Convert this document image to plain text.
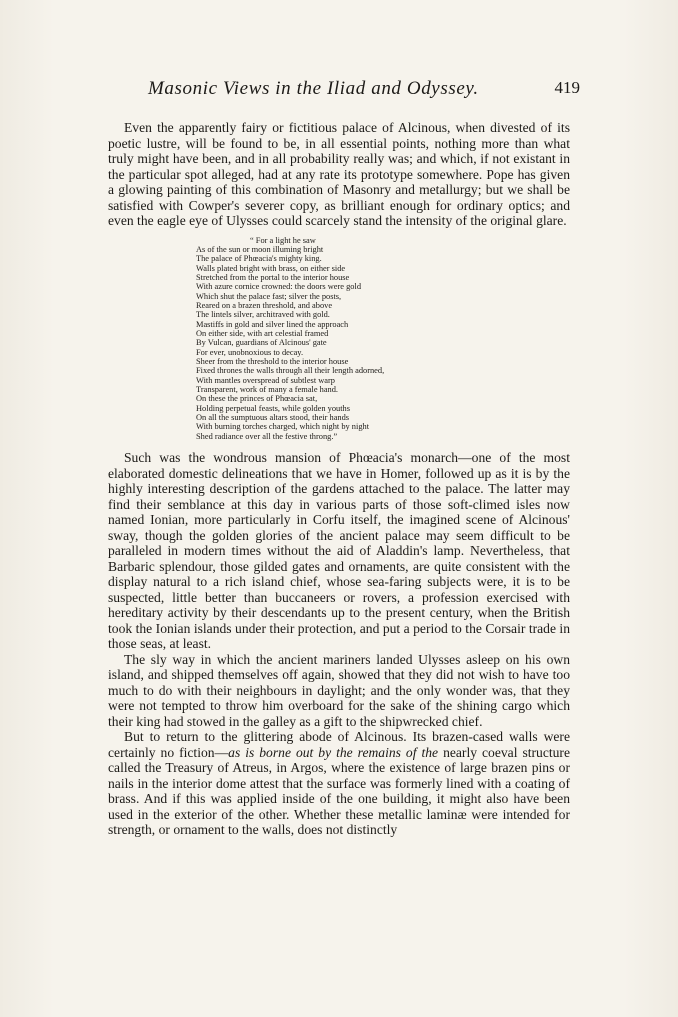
Masonic Views in the Iliad and Odyssey.	419

Even the apparently fairy or fictitious palace of Alcinous, when divested of its poetic lustre, will be found to be, in all essential points, nothing more than what truly might have been, and in all probability really was; and which, if not existant in the particular spot alleged, had at any rate its prototype somewhere. Pope has given a glowing painting of this combination of Masonry and metallurgy; but we shall be satisfied with Cowper's severer copy, as brilliant enough for ordinary optics; and even the eagle eye of Ulysses could scarcely stand the intensity of the original glare.

“ For a light he saw
As of the sun or moon illuming bright
The palace of Phœacia's mighty king.
Walls plated bright with brass, on either side
Stretched from the portal to the interior house
With azure cornice crowned: the doors were gold
Which shut the palace fast; silver the posts,
Reared on a brazen threshold, and above
The lintels silver, architraved with gold.
Mastiffs in gold and silver lined the approach
On either side, with art celestial framed
By Vulcan, guardians of Alcinous' gate
For ever, unobnoxious to decay.
Sheer from the threshold to the interior house
Fixed thrones the walls through all their length adorned,
With mantles overspread of subtlest warp
Transparent, work of many a female hand.
On these the princes of Phœacia sat,
Holding perpetual feasts, while golden youths
On all the sumptuous altars stood, their hands
With burning torches charged, which night by night
Shed radiance over all the festive throng.”

Such was the wondrous mansion of Phœacia's monarch—one of the most elaborated domestic delineations that we have in Homer, followed up as it is by the highly interesting description of the gardens attached to the palace. The latter may find their semblance at this day in various parts of those soft-climed isles now named Ionian, more particularly in Corfu itself, the imagined scene of Alcinous' sway, though the golden glories of the ancient palace may seem difficult to be paralleled in modern times without the aid of Aladdin's lamp. Nevertheless, that Barbaric splendour, those gilded gates and ornaments, are quite consistent with the display natural to a rich island chief, whose sea-faring subjects were, it is to be suspected, little better than buccaneers or rovers, a profession exercised with hereditary activity by their descendants up to the present century, when the British took the Ionian islands under their protection, and put a period to the Corsair trade in those seas, at least.

The sly way in which the ancient mariners landed Ulysses asleep on his own island, and shipped themselves off again, showed that they did not wish to have too much to do with their neighbours in daylight; and the only wonder was, that they were not tempted to throw him overboard for the sake of the shining cargo which their king had stowed in the galley as a gift to the shipwrecked chief.

But to return to the glittering abode of Alcinous. Its brazen-cased walls were certainly no fiction—as is borne out by the remains of the nearly coeval structure called the Treasury of Atreus, in Argos, where the existence of large brazen pins or nails in the interior dome attest that the surface was formerly lined with a coating of brass. And if this was applied inside of the one building, it might also have been used in the exterior of the other. Whether these metallic laminæ were intended for strength, or ornament to the walls, does not distinctly
